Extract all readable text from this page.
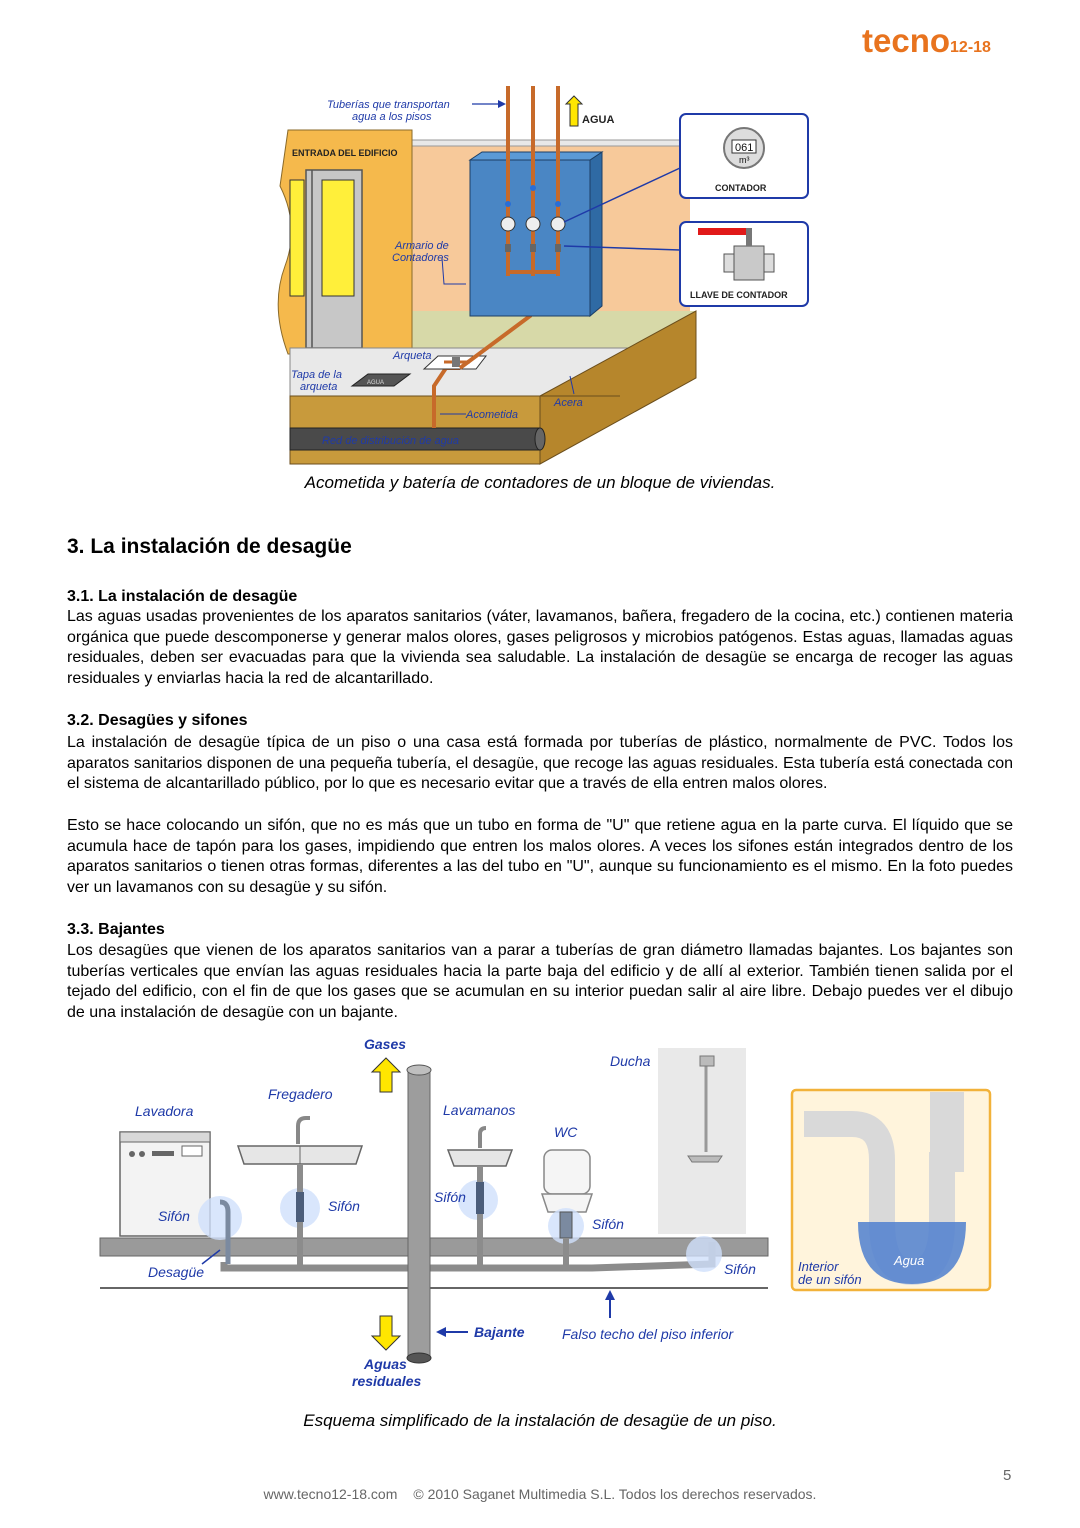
tecno12-18
Red de distribución de agua
Acometida
Arqueta
AGUA
Tapa de la
arqueta
Acera
Armario de
Contadores
ENTRADA DEL EDIFICIO
Tuberías que transportan
agua a los pisos	AGUA
061
m³
CONTADOR
LLAVE DE CONTADOR
Acometida y batería de contadores de un bloque de viviendas.
3. La instalación de desagüe
3.1. La instalación de desagüe
Las aguas usadas provenientes de los aparatos sanitarios (váter, lavamanos, bañera, fregadero de la cocina, etc.) contienen materia orgánica que puede descomponerse y generar malos olores, gases peligrosos y microbios patógenos. Estas aguas, llamadas aguas residuales, deben ser evacuadas para que la vivienda sea saludable. La instalación de desagüe se encarga de recoger las aguas residuales y enviarlas hacia la red de alcantarillado.
3.2. Desagües y sifones
La instalación de desagüe típica de un piso o una casa está formada por tuberías de plástico, normalmente de PVC. Todos los aparatos sanitarios disponen de una pequeña tubería, el desagüe, que recoge las aguas residuales. Esta tubería está conectada con el sistema de alcantarillado público, por lo que es necesario evitar que a través de ella entren malos olores.
Esto se hace colocando un sifón, que no es más que un tubo en forma de "U" que retiene agua en la parte curva. El líquido que se acumula hace de tapón para los gases, impidiendo que entren los malos olores. A veces los sifones están integrados dentro de los aparatos sanitarios o tienen otras formas, diferentes a las del tubo en "U", aunque su funcionamiento es el mismo. En la foto puedes ver un lavamanos con su desagüe y su sifón.
3.3. Bajantes
Los desagües que vienen de los aparatos sanitarios van a parar a tuberías de gran diámetro llamadas bajantes. Los bajantes son tuberías verticales que envían las aguas residuales hacia la parte baja del edificio y de allí al exterior. También tienen salida por el tejado del edificio, con el fin de que los gases que se acumulan en su interior puedan salir al aire libre. Debajo puedes ver el dibujo de una instalación de desagüe con un bajante.
Ducha
Gases
Aguas
residuales
Bajante	Falso techo del piso inferior
Lavadora
Sifón
Desagüe
Fregadero
Sifón
Lavamanos
Sifón
WC
Sifón
Sifón
Agua
Interior
de un sifón
Esquema simplificado de la instalación de desagüe de un piso.
5
www.tecno12-18.com © 2010 Saganet Multimedia S.L. Todos los derechos reservados.
